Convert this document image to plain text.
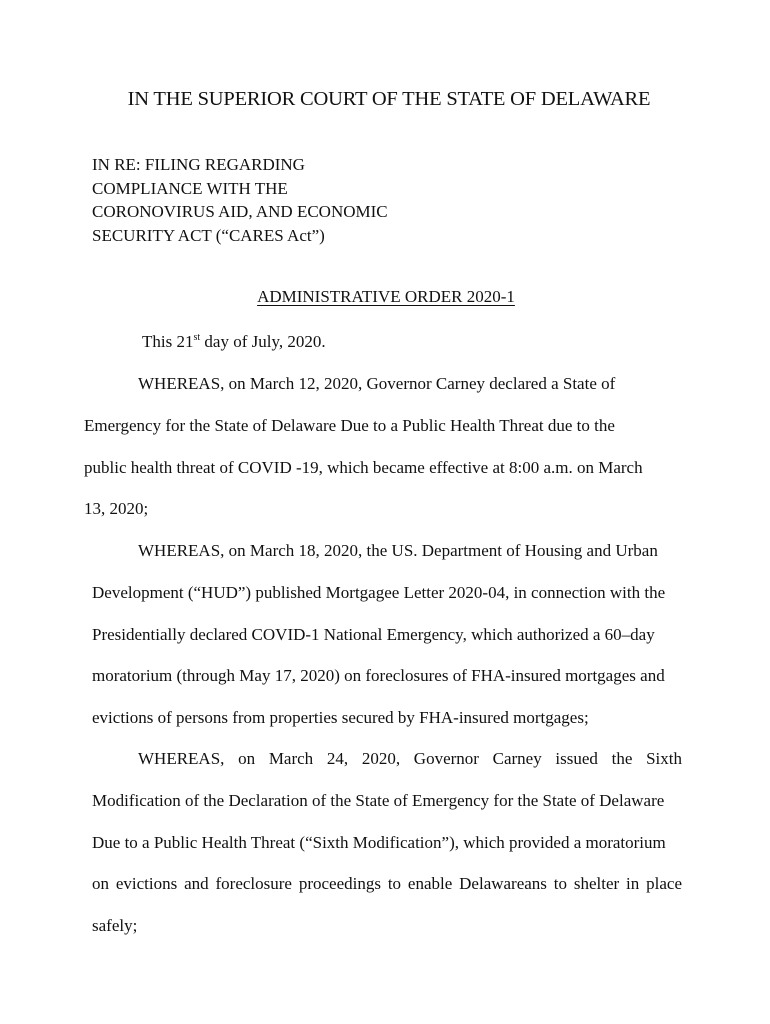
IN THE SUPERIOR COURT OF THE STATE OF DELAWARE
IN RE: FILING REGARDING
COMPLIANCE WITH THE
CORONOVIRUS AID, AND ECONOMIC
SECURITY ACT (“CARES Act”)
ADMINISTRATIVE ORDER 2020-1
This 21st day of July, 2020.
WHEREAS, on March 12, 2020, Governor Carney declared a State of
Emergency for the State of Delaware Due to a Public Health Threat due to the
public health threat of COVID -19, which became effective at 8:00 a.m. on March
13, 2020;
WHEREAS, on March 18, 2020, the US. Department of Housing and Urban
Development (“HUD”) published Mortgagee Letter 2020-04, in connection with the
Presidentially declared COVID-1 National Emergency, which authorized a 60–day
moratorium (through May 17, 2020) on foreclosures of FHA-insured mortgages and
evictions of persons from properties secured by FHA-insured mortgages;
WHEREAS, on March 24, 2020, Governor Carney issued the Sixth
Modification of the Declaration of the State of Emergency for the State of Delaware
Due to a Public Health Threat (“Sixth Modification”), which provided a moratorium
on evictions and foreclosure proceedings to enable Delawareans to shelter in place
safely;
